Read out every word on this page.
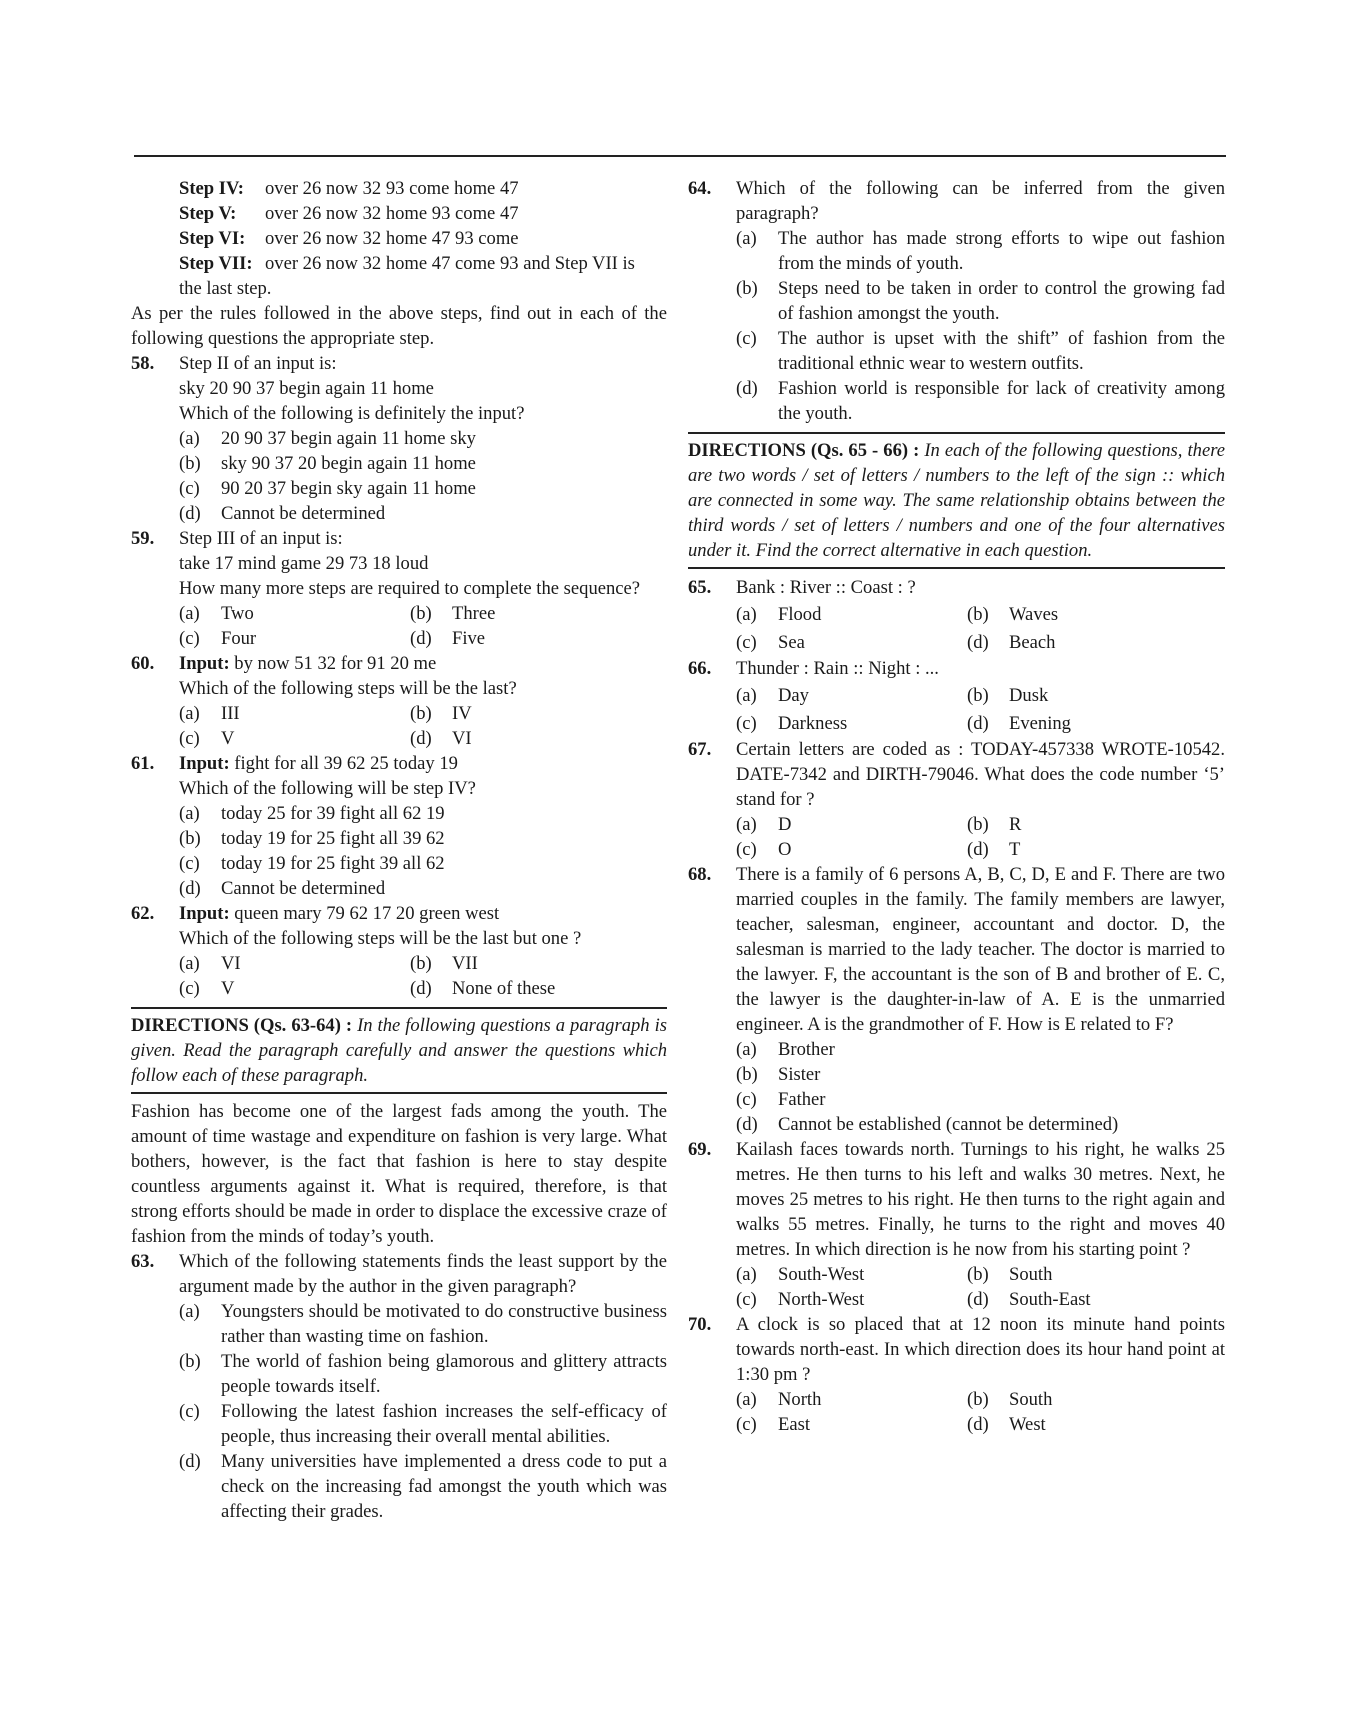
Step IV:	over 26 now 32 93 come home 47
Step V:	over 26 now 32 home 93 come 47
Step VI:	over 26 now 32 home 47 93 come
Step VII: over 26 now 32 home 47 come 93 and Step VII is
the last step.
As per the rules followed in the above steps, find out in each of the following questions the appropriate step.
58.	Step II of an input is:
sky 20 90 37 begin again 11 home
Which of the following is definitely the input?
(a)	20 90 37 begin again 11 home sky
(b)	sky 90 37 20 begin again 11 home
(c)	90 20 37 begin sky again 11 home
(d)	Cannot be determined
59.	Step III of an input is:
take 17 mind game 29 73 18 loud
How many more steps are required to complete the sequence?
(a)	Two	(b)	Three
(c)	Four	(d)	Five
60.	Input: by now 51 32 for 91 20 me
Which of the following steps will be the last?
(a)	III	(b)	IV
(c)	V	(d)	VI
61.	Input: fight for all 39 62 25 today 19
Which of the following will be step IV?
(a)	today 25 for 39 fight all 62 19
(b)	today 19 for 25 fight all 39 62
(c)	today 19 for 25 fight 39 all 62
(d)	Cannot be determined
62.	Input: queen mary 79 62 17 20 green west
Which of the following steps will be the last but one ?
(a)	VI	(b)	VII
(c)	V	(d)	None of these
DIRECTIONS (Qs. 63-64) : In the following questions a paragraph is given. Read the paragraph carefully and answer the questions which follow each of these paragraph.
Fashion has become one of the largest fads among the youth. The amount of time wastage and expenditure on fashion is very large. What bothers, however, is the fact that fashion is here to stay despite countless arguments against it. What is required, therefore, is that strong efforts should be made in order to displace the excessive craze of fashion from the minds of today’s youth.
63.	Which of the following statements finds the least support by the argument made by the author in the given paragraph?
(a)	Youngsters should be motivated to do constructive business rather than wasting time on fashion.
(b)	The world of fashion being glamorous and glittery attracts people towards itself.
(c)	Following the latest fashion increases the self-efficacy of people, thus increasing their overall mental abilities.
(d)	Many universities have implemented a dress code to put a check on the increasing fad amongst the youth which was affecting their grades.
64.	Which of the following can be inferred from the given paragraph?
(a)	The author has made strong efforts to wipe out fashion from the minds of youth.
(b)	Steps need to be taken in order to control the growing fad of fashion amongst the youth.
(c)	The author is upset with the shift” of fashion from the traditional ethnic wear to western outfits.
(d)	Fashion world is responsible for lack of creativity among the youth.
DIRECTIONS (Qs. 65 - 66) : In each of the following questions, there are two words / set of letters / numbers to the left of the sign :: which are connected in some way. The same relationship obtains between the third words / set of letters / numbers and one of the four alternatives under it. Find the correct alternative in each question.
65.	Bank : River :: Coast : ?
(a)	Flood	(b)	Waves
(c)	Sea	(d)	Beach
66.	Thunder : Rain :: Night : ...
(a)	Day	(b)	Dusk
(c)	Darkness	(d)	Evening
67.	Certain letters are coded as : TODAY-457338 WROTE-10542. DATE-7342 and DIRTH-79046. What does the code number ‘5’ stand for ?
(a)	D	(b)	R
(c)	O	(d)	T
68.	There is a family of 6 persons A, B, C, D, E and F. There are two married couples in the family. The family members are lawyer, teacher, salesman, engineer, accountant and doctor. D, the salesman is married to the lady teacher. The doctor is married to the lawyer. F, the accountant is the son of B and brother of E. C, the lawyer is the daughter-in-law of A. E is the unmarried engineer. A is the grandmother of F. How is E related to F?
(a)	Brother
(b)	Sister
(c)	Father
(d)	Cannot be established (cannot be determined)
69.	Kailash faces towards north. Turnings to his right, he walks 25 metres. He then turns to his left and walks 30 metres. Next, he moves 25 metres to his right. He then turns to the right again and walks 55 metres. Finally, he turns to the right and moves 40 metres. In which direction is he now from his starting point ?
(a)	South-West	(b)	South
(c)	North-West	(d)	South-East
70.	A clock is so placed that at 12 noon its minute hand points towards north-east. In which direction does its hour hand point at 1:30 pm ?
(a)	North	(b)	South
(c)	East	(d)	West
